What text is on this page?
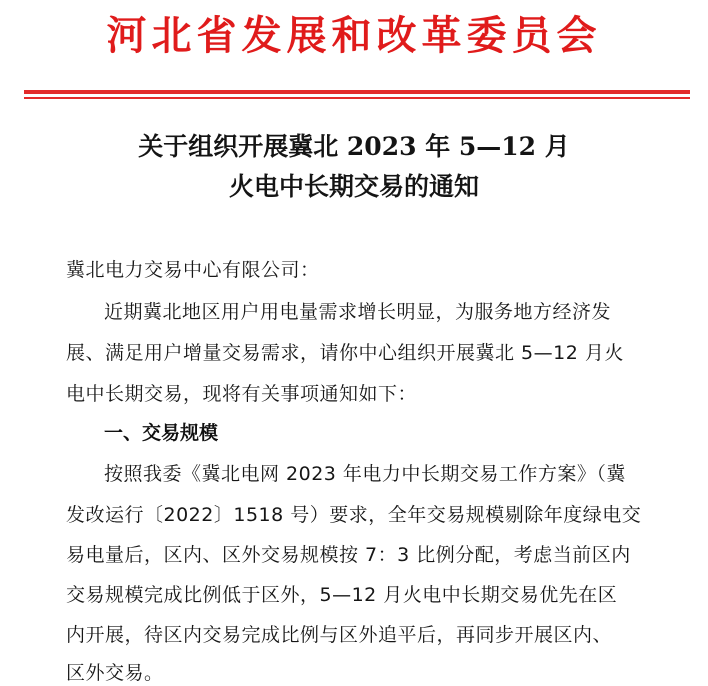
河北省发展和改革委员会
关于组织开展冀北 2023 年 5—12 月
火电中长期交易的通知
冀北电力交易中心有限公司：
近期冀北地区用户用电量需求增长明显，为服务地方经济发
展、满足用户增量交易需求，请你中心组织开展冀北 5—12 月火
电中长期交易，现将有关事项通知如下：
一、交易规模
按照我委《冀北电网 2023 年电力中长期交易工作方案》（冀
发改运行〔2022〕1518 号）要求，全年交易规模剔除年度绿电交
易电量后，区内、区外交易规模按 7：3 比例分配，考虑当前区内
交易规模完成比例低于区外，5—12 月火电中长期交易优先在区
内开展，待区内交易完成比例与区外追平后，再同步开展区内、
区外交易。
